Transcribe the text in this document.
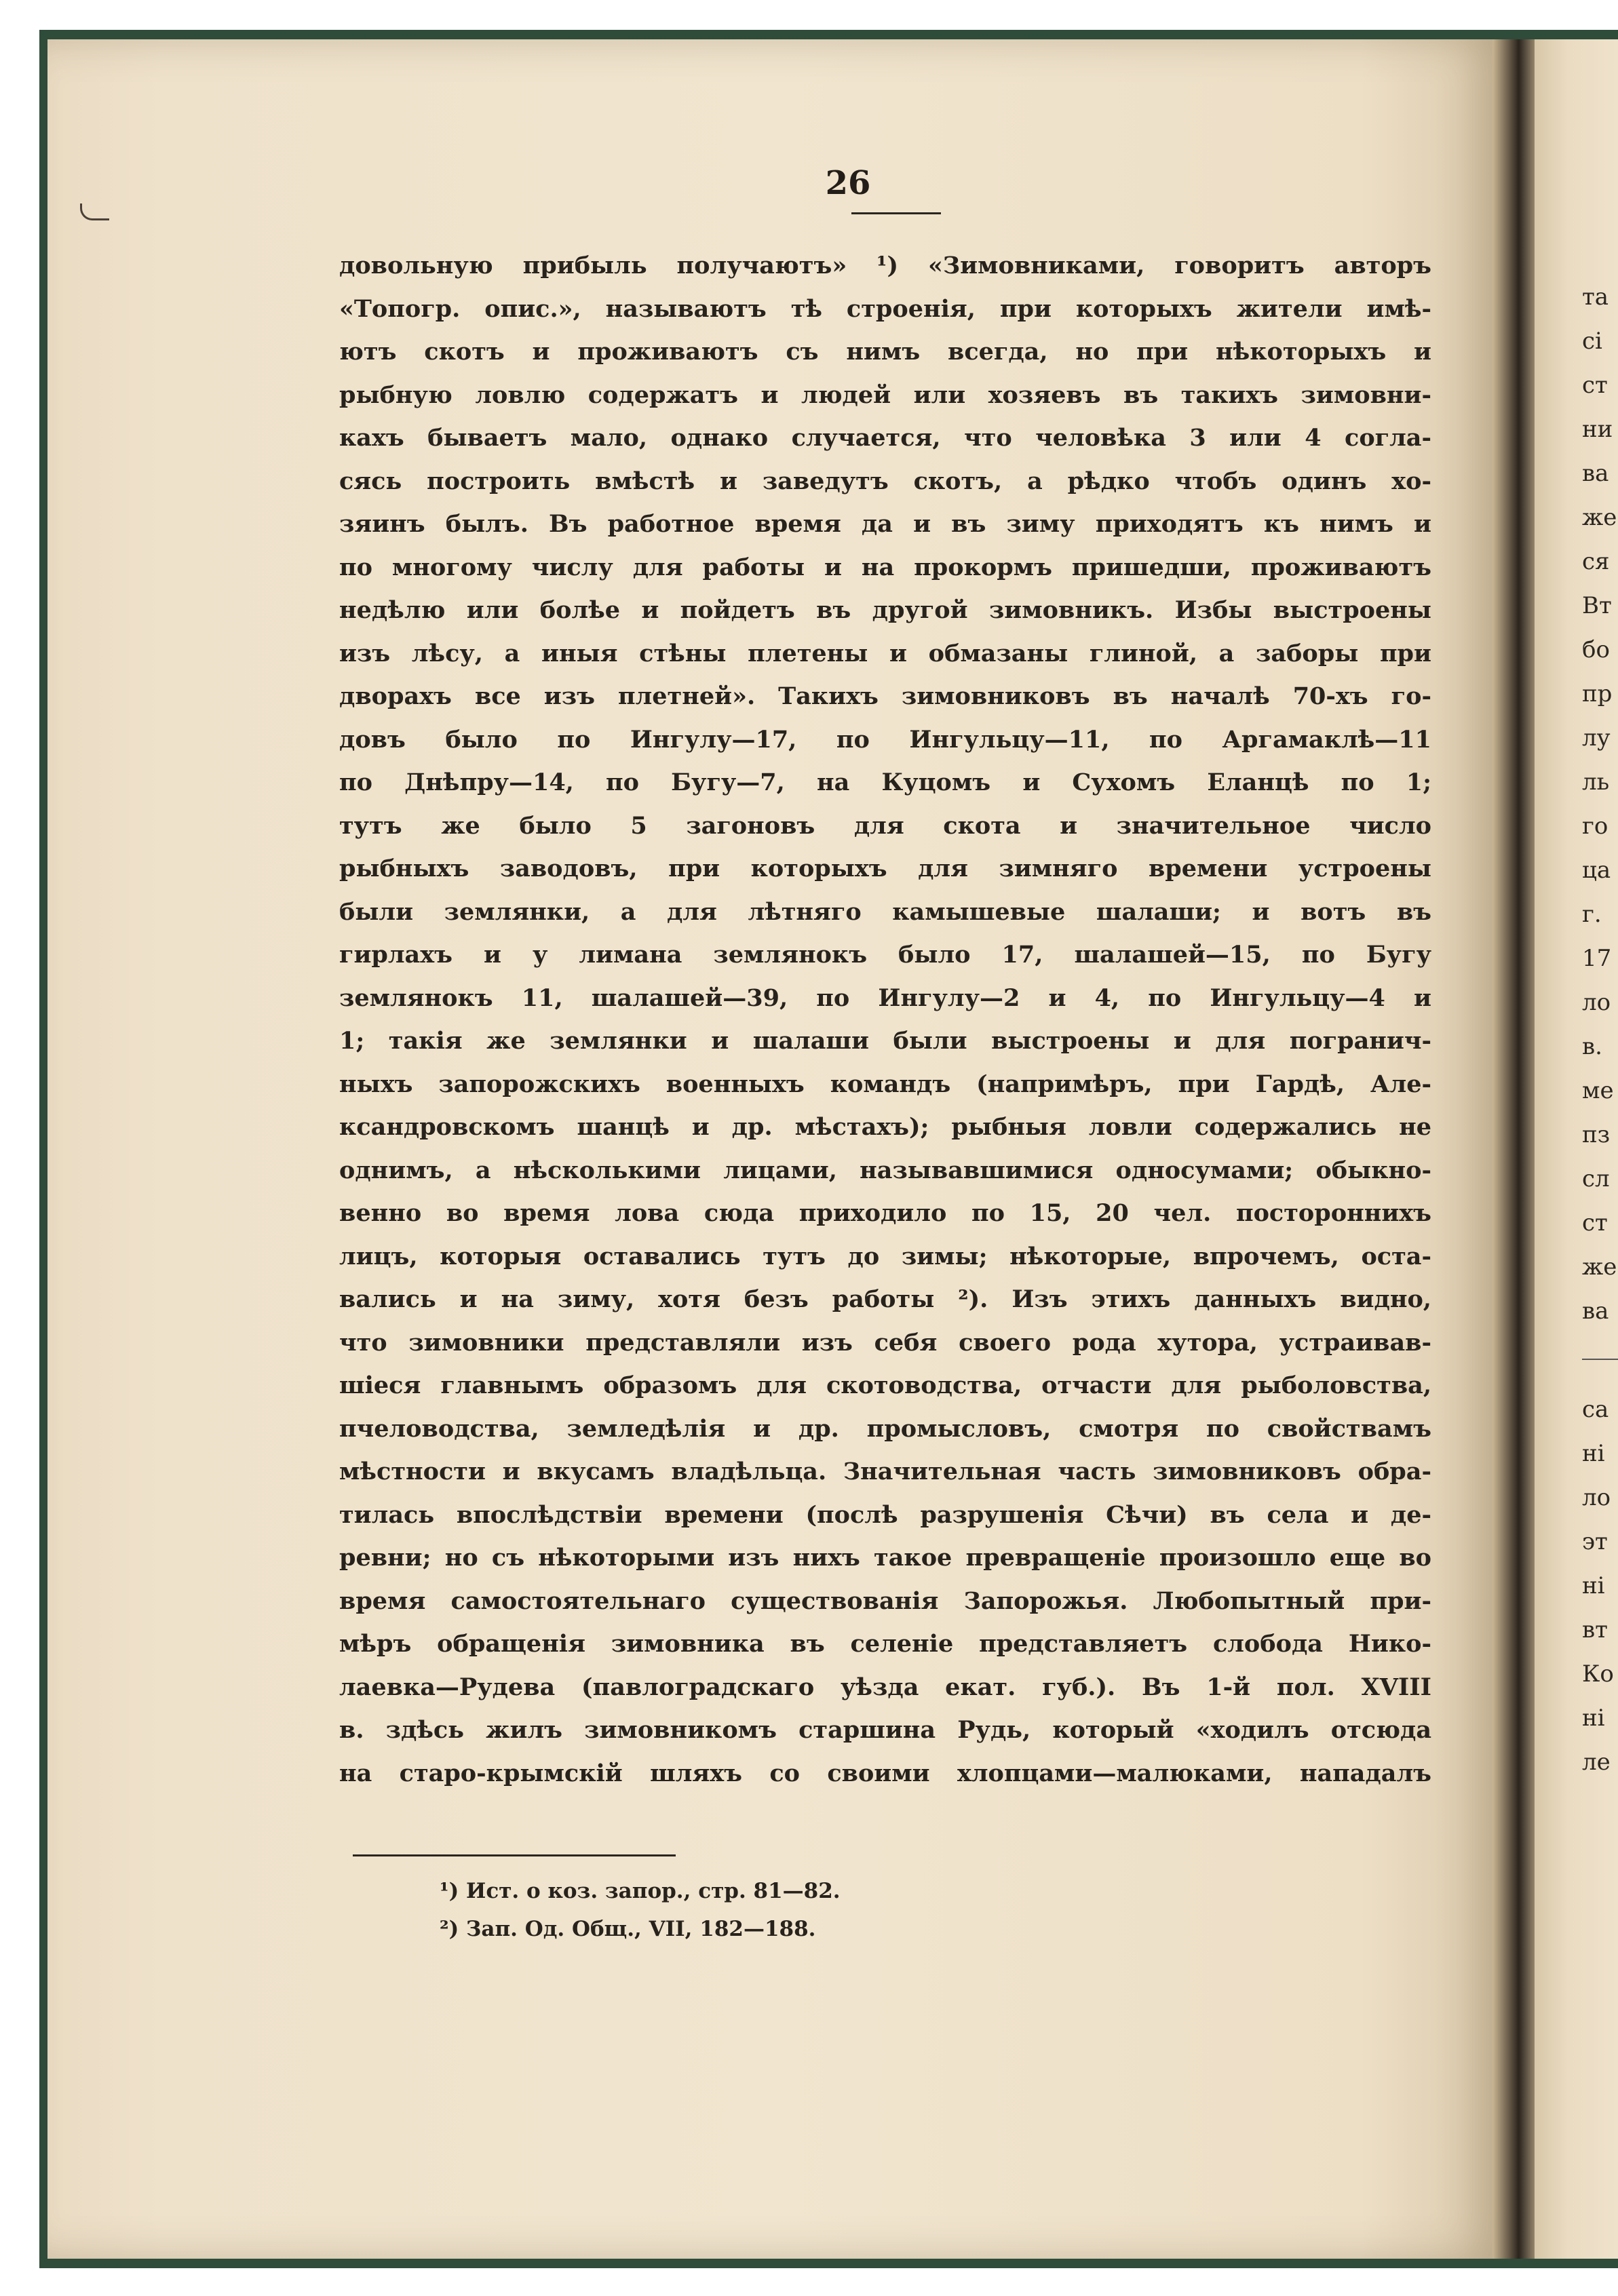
та
сі
ст
ни
ва
же
ся
Вт
бо
пр
лу
ль
го
ца
г.
17
ло
в.
ме
пз
сл
ст
же
ва
са
ні
ло
эт
ні
вт
Ко
ні
ле
26
довольную прибыль получаютъ» ¹) «Зимовниками, говоритъ авторъ
«Топогр. опис.», называютъ тѣ строенія, при которыхъ жители имѣ-
ютъ скотъ и проживаютъ съ нимъ всегда, но при нѣкоторыхъ и
рыбную ловлю содержатъ и людей или хозяевъ въ такихъ зимовни-
кахъ бываетъ мало, однако случается, что человѣка 3 или 4 согла-
сясь построить вмѣстѣ и заведутъ скотъ, а рѣдко чтобъ одинъ хо-
зяинъ былъ. Въ работное время да и въ зиму приходятъ къ нимъ и
по многому числу для работы и на прокормъ пришедши, проживаютъ
недѣлю или болѣе и пойдетъ въ другой зимовникъ. Избы выстроены
изъ лѣсу, а иныя стѣны плетены и обмазаны глиной, а заборы при
дворахъ все изъ плетней». Такихъ зимовниковъ въ началѣ 70-хъ го-
довъ было по Ингулу—17, по Ингульцу—11, по Аргамаклѣ—11
по Днѣпру—14, по Бугу—7, на Куцомъ и Сухомъ Еланцѣ по 1;
тутъ же было 5 загоновъ для скота и значительное число
рыбныхъ заводовъ, при которыхъ для зимняго времени устроены
были землянки, а для лѣтняго камышевые шалаши; и вотъ въ
гирлахъ и у лимана землянокъ было 17, шалашей—15, по Бугу
землянокъ 11, шалашей—39, по Ингулу—2 и 4, по Ингульцу—4 и
1; такія же землянки и шалаши были выстроены и для погранич-
ныхъ запорожскихъ военныхъ командъ (напримѣръ, при Гардѣ, Але-
ксандровскомъ шанцѣ и др. мѣстахъ); рыбныя ловли содержались не
однимъ, а нѣсколькими лицами, называвшимися односумами; обыкно-
венно во время лова сюда приходило по 15, 20 чел. постороннихъ
лицъ, которыя оставались тутъ до зимы; нѣкоторые, впрочемъ, оста-
вались и на зиму, хотя безъ работы ²). Изъ этихъ данныхъ видно,
что зимовники представляли изъ себя своего рода хутора, устраивав-
шіеся главнымъ образомъ для скотоводства, отчасти для рыболовства,
пчеловодства, земледѣлія и др. промысловъ, смотря по свойствамъ
мѣстности и вкусамъ владѣльца. Значительная часть зимовниковъ обра-
тилась впослѣдствіи времени (послѣ разрушенія Сѣчи) въ села и де-
ревни; но съ нѣкоторыми изъ нихъ такое превращеніе произошло еще во
время самостоятельнаго существованія Запорожья. Любопытный при-
мѣръ обращенія зимовника въ селеніе представляетъ слобода Нико-
лаевка—Рудева (павлоградскаго уѣзда екат. губ.). Въ 1-й пол. XVIII
в. здѣсь жилъ зимовникомъ старшина Рудь, который «ходилъ отсюда
на старо-крымскій шляхъ со своими хлопцами—малюками, нападалъ
¹) Ист. о коз. запор., стр. 81—82.
²) Зап. Од. Общ., VII, 182—188.
